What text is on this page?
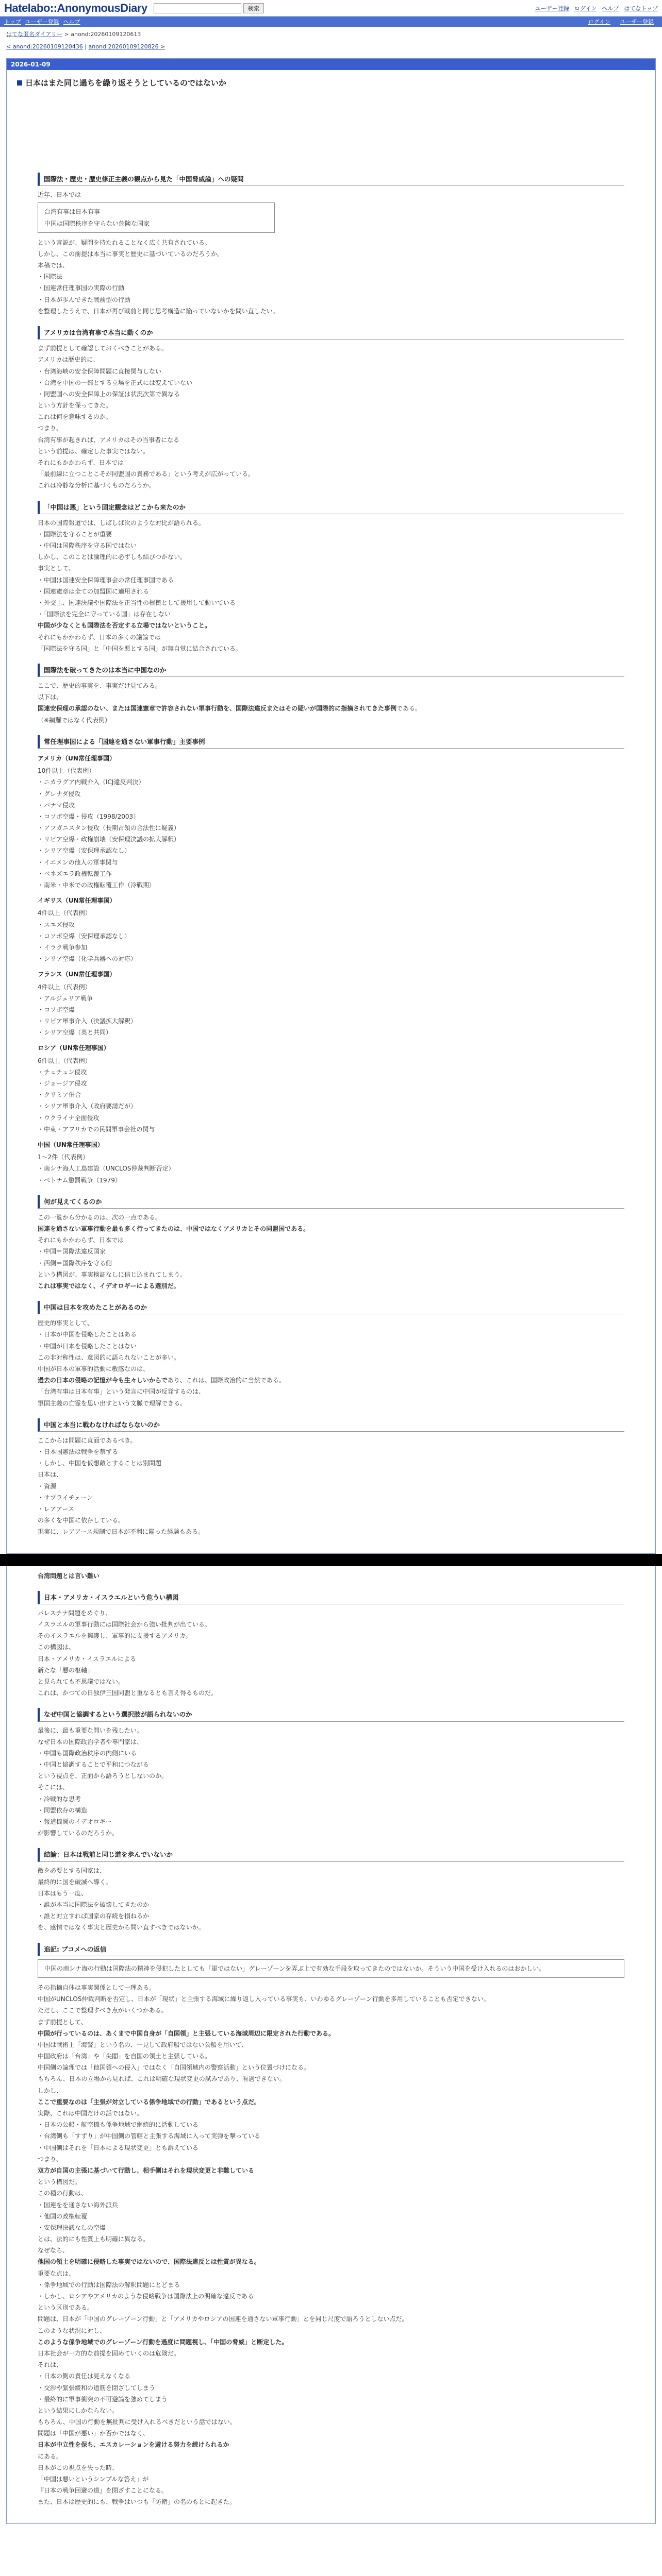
Hatelabo::AnonymousDiary	検索	ユーザー登録 ログイン ヘルプ はてなトップ
トップ ユーザー登録 ヘルプ	ログイン ユーザー登録
はてな匿名ダイアリー > anond:20260109120613
< anond:20260109120436 | anond:20260109120826 >
2026-01-09
日本はまた同じ過ちを繰り返そうとしているのではないか
国際法・歴史・歴史修正主義の観点から見た「中国脅威論」への疑問

近年、日本では

台湾有事は日本有事

中国は国際秩序を守らない危険な国家

という言説が、疑問を持たれることなく広く共有されている。

しかし、この前提は本当に事実と歴史に基づいているのだろうか。

本稿では、

・ 国際法
・ 国連常任理事国の実際の行動
・ 日本が歩んできた戦前型の行動

を整理したうえで、日本が再び戦前と同じ思考構造に陥っていないかを問い直したい。

アメリカは台湾有事で本当に動くのか

まず前提として確認しておくべきことがある。

アメリカは歴史的に、

・ 台湾海峡の安全保障問題に直接関与しない
・ 台湾を中国の一部とする立場を正式には変えていない
・ 同盟国への安全保障上の保証は状況次第で異なる

という方針を保ってきた。

これは何を意味するのか。

つまり、

台湾有事が起きれば、アメリカはその当事者になる

という前提は、確定した事実ではない。

それにもかかわらず、日本では

「最前線に立つことこそが同盟国の責務である」という考えが広がっている。

これは冷静な分析に基づくものだろうか。

「中国は悪」という固定観念はどこから来たのか

日本の国際報道では、しばしば次のような対比が語られる。

・ 国際法を守ることが重要
・ 中国は国際秩序を守る国ではない

しかし、このことは論理的に必ずしも結びつかない。

事実として、

・ 中国は国連安全保障理事会の常任理事国である
・ 国連憲章は全ての加盟国に適用される
・ 外交上、国連決議や国際法を正当性の根拠として援用して動いている
・ 「国際法を完全に守っている国」は存在しない

中国が少なくとも国際法を否定する立場ではないということ。

それにもかかわらず、日本の多くの議論では

「国際法を守る国」と「中国を悪とする国」が無自覚に結合されている。

国際法を破ってきたのは本当に中国なのか

ここで、歴史的事実を、事実だけ見てみる。

以下は、

国連安保理の承認のない、または国連憲章で許容されない軍事行動を、国際法違反またはその疑いが国際的に指摘されてきた事例である。

（※網羅ではなく代表例）

常任理事国による「国連を通さない軍事行動」主要事例
アメリカ（UN常任理事国）

10件以上（代表例）

・ ニカラグア内戦介入（ICJ違反判決）
・ グレナダ侵攻
・ パナマ侵攻
・ コソボ空爆・侵攻（1998/2003）
・ アフガニスタン侵攻（長期占領の合法性に疑義）
・ リビア空爆・政権崩壊（安保理決議の拡大解釈）
・ シリア空爆（安保理承認なし）
・ イエメンの他人の軍事関与
・ ベネズエラ政権転覆工作
・ 南米・中米での政権転覆工作（冷戦期）
イギリス（UN常任理事国）

4件以上（代表例）

・ スエズ侵攻
・ コソボ空爆（安保理承認なし）
・ イラク戦争参加
・ シリア空爆（化学兵器への対応）
フランス（UN常任理事国）

4件以上（代表例）

・ アルジェリア戦争
・ コソボ空爆
・ リビア軍事介入（決議拡大解釈）
・ シリア空爆（英と共同）
ロシア（UN常任理事国）

6件以上（代表例）

・ チェチェン侵攻
・ ジョージア侵攻
・ クリミア併合
・ シリア軍事介入（政府要請だが）
・ ウクライナ全面侵攻
・ 中東・アフリカでの民間軍事会社の関与
中国（UN常任理事国）

1〜2件（代表例）

・ 南シナ海人工島建設（UNCLOS仲裁判断否定）
・ ベトナム懲罰戦争（1979）
何が見えてくるのか

この一覧から分かるのは、次の一点である。

国連を通さない軍事行動を最も多く行ってきたのは、中国ではなくアメリカとその同盟国である。

それにもかかわらず、日本では

・ 中国＝国際法違反国家
・ 西側＝国際秩序を守る側

という構図が、事実検証なしに信じ込まれてしまう。

これは事実ではなく、イデオロギーによる選別だ。

中国は日本を攻めたことがあるのか

歴史的事実として、

・ 日本が中国を侵略したことはある
・ 中国が日本を侵略したことはない

この非対称性は、意図的に語られないことが多い。

中国が日本の軍事的活動に敏感なのは、

過去の日本の侵略の記憶が今も生々しいからであり、これは、国際政治的に当然である。

「台湾有事は日本有事」という発言に中国が反発するのは、

軍国主義の亡霊を思い出すという文脈で理解できる。

中国と本当に戦わなければならないのか

ここからは問題に直面であるべき。

・ 日本国憲法は戦争を禁ずる
・ しかし、中国を仮想敵とすることは別問題

日本は、

・ 資源
・ サプライチェーン
・ レアアース

の多くを中国に依存している。

現実に、レアアース規制で日本が不利に陥った経験もある。

台湾問題とは言い難い

日本・アメリカ・イスラエルという危うい構図

パレスチナ問題をめぐり、

イスラエルの軍事行動には国際社会から強い批判が出ている。

そのイスラエルを擁護し、軍事的に支援するアメリカ。

この構図は、

日本・アメリカ・イスラエルによる

新たな「悪の枢軸」

と見られても不思議ではない。

これは、かつての日独伊三国同盟と重なるとも言え得るものだ。

なぜ中国と協調するという選択肢が語られないのか

最後に、最も重要な問いを残したい。

なぜ日本の国際政治学者や専門家は、

・ 中国も国際政治秩序の内側にいる
・ 中国と協調することで平和につながる

という視点を、正面から語ろうとしないのか。

そこには、

・ 冷戦的な思考
・ 同盟依存の構造
・ 報道機関のイデオロギー

が影響しているのだろうか。

結論：日本は戦前と同じ道を歩んでいないか

敵を必要とする国家は、

最終的に国を破滅へ導く。

日本はもう一度、

・ 誰が本当に国際法を破壊してきたのか
・ 誰と対立すれば国家の存続を損ねるか

を、感情ではなく事実と歴史から問い直すべきではないか。

追記: ブコメへの返信

中国の南シナ海の行動は国際法の精神を侵犯したとしても「軍ではない」グレーゾーンを弄ぶ上で有効な手段を取ってきたのではないか。そういう中国を受け入れるのはおかしい。

その指摘自体は事実関係として一理ある。

中国がUNCLOS仲裁判断を否定し、日本が「現状」と主張する海域に繰り返し入っている事実も、いわゆるグレーゾーン行動を多用していることも否定できない。

ただし、ここで整理すべき点がいくつかある。

まず前提として、

中国が行っているのは、あくまで中国自身が「自国領」と主張している海域周辺に限定された行動である。

中国は戦術上「海警」という名の、一見して政府船ではない公船を用いて、

中国政府は「台湾」や「尖閣」を自国の領土と主張している。

中国側の論理では「他国領への侵入」ではなく「自国領域内の警察活動」という位置づけになる。

もちろん、日本の立場から見れば、これは明確な現状変更の試みであり、看過できない。

しかし、

ここで重要なのは「主張が対立している係争地域での行動」であるという点だ。

実際、これは中国だけの話ではない。

・ 日本の公船・航空機も係争地域で継続的に活動している
・ 台湾側も「すずり」が中国側の管轄と主張する海域に入って実弾を撃っている
・ 中国側はそれを「日本による現状変更」とも訴えている

つまり、

双方が自国の主張に基づいて行動し、相手側はそれを現状変更と非難している

という構図だ。

この種の行動は、

・ 国連をを通さない海外派兵
・ 他国の政権転覆
・ 安保理決議なしの空爆

とは、法的にも性質上も明確に異なる。

なぜなら、

他国の領土を明確に侵略した事実ではないので、国際法違反とは性質が異なる。

重要な点は、

・ 係争地域での行動は国際法の解釈問題にとどまる
・ しかし、ロシアやアメリカのような侵略戦争は国際法上の明確な違反である

という区別である。

問題は、日本が「中国のグレーゾーン行動」と「アメリカやロシアの国連を通さない軍事行動」とを同じ尺度で語ろうとしない点だ。

このような状況に対し、

このような係争地域でのグレーゾーン行動を過度に問題視し、「中国の脅威」と断定した。

日本社会が一方的な前提を固めていくのは危険だ。

それは、

・ 日本の側の責任は見えなくなる
・ 交渉や緊張緩和の道筋を閉ざしてしまう
・ 最終的に軍事衝突の不可避論を強めてしまう

という結果にしかならない。

もちろん、中国の行動を無批判に受け入れるべきだという話ではない。

問題は「中国が悪い」か否かではなく、

日本が中立性を保ち、エスカレーションを避ける努力を続けられるか

にある。

日本がこの視点を失った時、

「中国は悪いというシンプルな答え」が

『日本の戦争回避の道』を閉ざすことになる。

また、日本は歴史的にも、戦争はいつも「防衛」の名のもとに起きた。
